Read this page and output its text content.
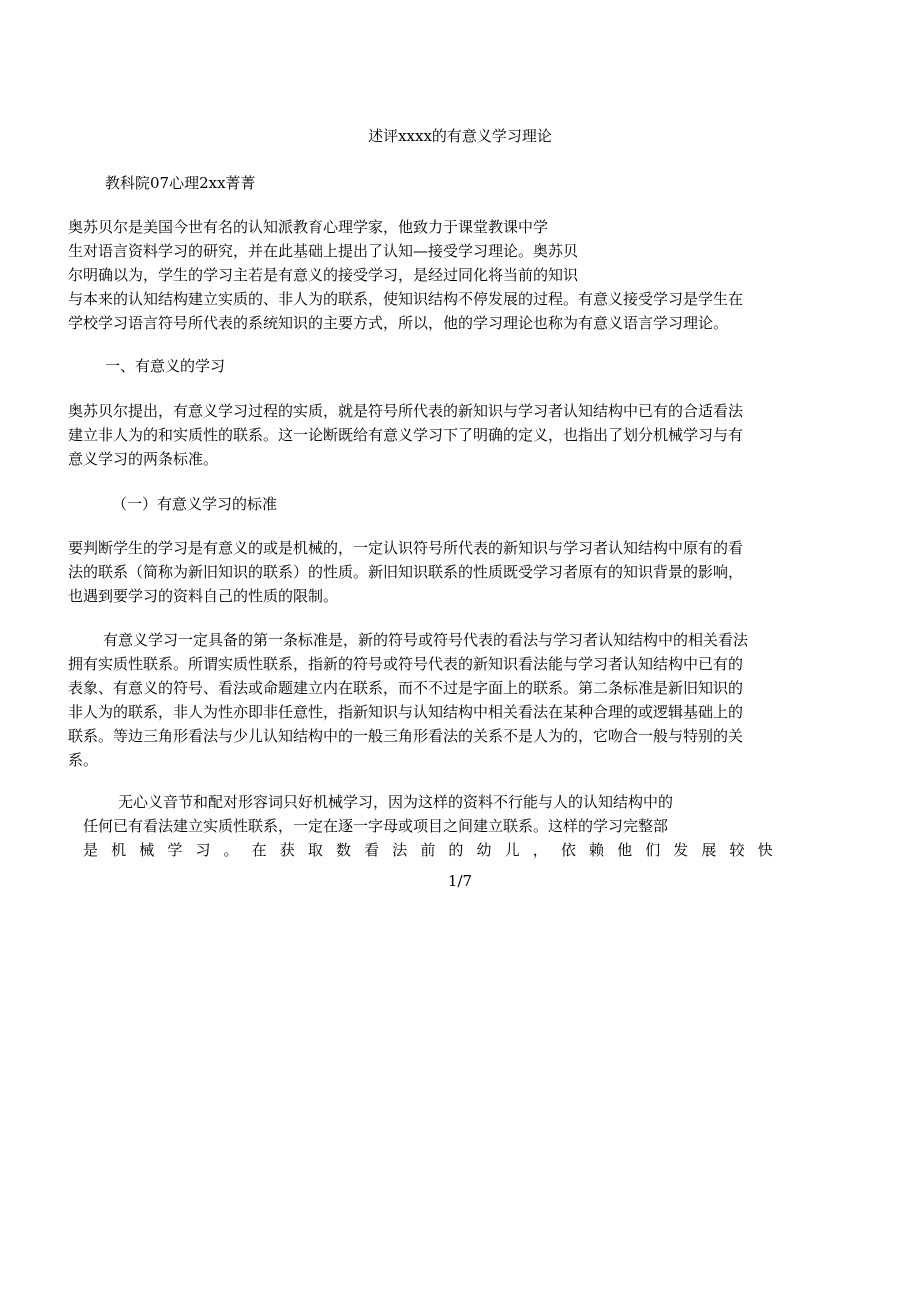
述评xxxx的有意义学习理论
教科院07心理2xx菁菁
奥苏贝尔是美国今世有名的认知派教育心理学家，他致力于课堂教课中学
生对语言资料学习的研究，并在此基础上提出了认知—接受学习理论。奥苏贝
尔明确以为，学生的学习主若是有意义的接受学习，是经过同化将当前的知识
与本来的认知结构建立实质的、非人为的联系，使知识结构不停发展的过程。有意义接受学习是学生在
学校学习语言符号所代表的系统知识的主要方式，所以，他的学习理论也称为有意义语言学习理论。
一、有意义的学习
奥苏贝尔提出，有意义学习过程的实质，就是符号所代表的新知识与学习者认知结构中已有的合适看法
建立非人为的和实质性的联系。这一论断既给有意义学习下了明确的定义，也指出了划分机械学习与有
意义学习的两条标准。
（一）有意义学习的标准
要判断学生的学习是有意义的或是机械的，一定认识符号所代表的新知识与学习者认知结构中原有的看
法的联系（简称为新旧知识的联系）的性质。新旧知识联系的性质既受学习者原有的知识背景的影响，
也遇到要学习的资料自己的性质的限制。
有意义学习一定具备的第一条标准是，新的符号或符号代表的看法与学习者认知结构中的相关看法
拥有实质性联系。所谓实质性联系，指新的符号或符号代表的新知识看法能与学习者认知结构中已有的
表象、有意义的符号、看法或命题建立内在联系，而不不过是字面上的联系。第二条标准是新旧知识的
非人为的联系，非人为性亦即非任意性，指新知识与认知结构中相关看法在某种合理的或逻辑基础上的
联系。等边三角形看法与少儿认知结构中的一般三角形看法的关系不是人为的，它吻合一般与特别的关
系。
无心义音节和配对形容词只好机械学习，因为这样的资料不行能与人的认知结构中的
任何已有看法建立实质性联系，一定在逐一字母或项目之间建立联系。这样的学习完整部
是 机 械 学 习 。 在 获 取 数 看 法 前 的 幼 儿 ， 依 赖 他 们 发 展 较 快
1/7
